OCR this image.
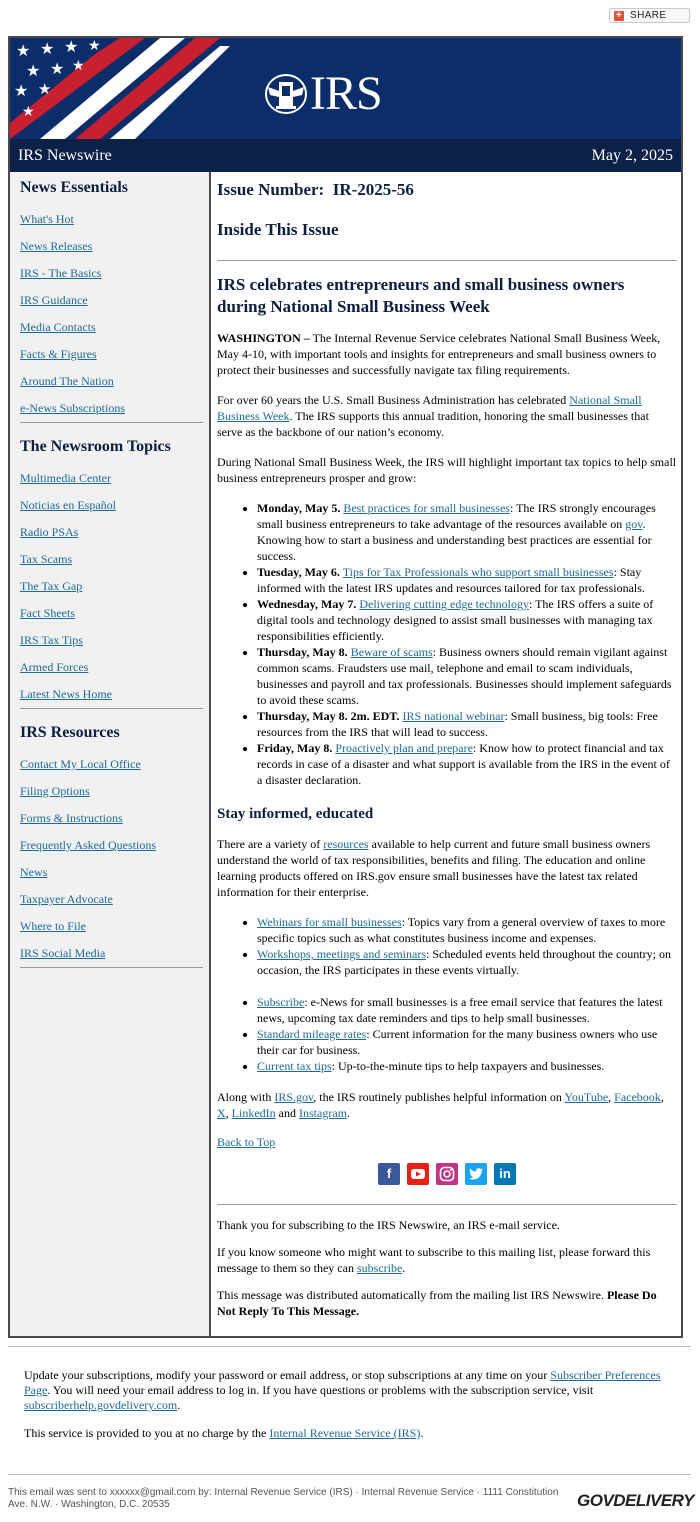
+ SHARE
★ ★ ★ ★
★ ★ ★
★ ★
★	IRS
IRS Newswire	May 2, 2025
News Essentials
What's Hot
News Releases
IRS - The Basics
IRS Guidance
Media Contacts
Facts & Figures
Around The Nation
e-News Subscriptions
The Newsroom Topics
Multimedia Center
Noticias en Español
Radio PSAs
Tax Scams
The Tax Gap
Fact Sheets
IRS Tax Tips
Armed Forces
Latest News Home
IRS Resources
Contact My Local Office
Filing Options
Forms & Instructions
Frequently Asked Questions
News
Taxpayer Advocate
Where to File
IRS Social Media
Issue Number: IR-2025-56
Inside This Issue
IRS celebrates entrepreneurs and small business owners during National Small Business Week

WASHINGTON – The Internal Revenue Service celebrates National Small Business Week, May 4-10, with important tools and insights for entrepreneurs and small business owners to protect their businesses and successfully navigate tax filing requirements.

For over 60 years the U.S. Small Business Administration has celebrated National Small Business Week. The IRS supports this annual tradition, honoring the small businesses that serve as the backbone of our nation’s economy.

During National Small Business Week, the IRS will highlight important tax topics to help small business entrepreneurs prosper and grow:

• Monday, May 5. Best practices for small businesses: The IRS strongly encourages small business entrepreneurs to take advantage of the resources available on gov. Knowing how to start a business and understanding best practices are essential for success.
• Tuesday, May 6. Tips for Tax Professionals who support small businesses: Stay informed with the latest IRS updates and resources tailored for tax professionals.
• Wednesday, May 7. Delivering cutting edge technology: The IRS offers a suite of digital tools and technology designed to assist small businesses with managing tax responsibilities efficiently.
• Thursday, May 8. Beware of scams: Business owners should remain vigilant against common scams. Fraudsters use mail, telephone and email to scam individuals, businesses and payroll and tax professionals. Businesses should implement safeguards to avoid these scams.
• Thursday, May 8. 2m. EDT. IRS national webinar: Small business, big tools: Free resources from the IRS that will lead to success.
• Friday, May 8. Proactively plan and prepare: Know how to protect financial and tax records in case of a disaster and what support is available from the IRS in the event of a disaster declaration.
Stay informed, educated

There are a variety of resources available to help current and future small business owners understand the world of tax responsibilities, benefits and filing. The education and online learning products offered on IRS.gov ensure small businesses have the latest tax related information for their enterprise.

• Webinars for small businesses: Topics vary from a general overview of taxes to more specific topics such as what constitutes business income and expenses.
• Workshops, meetings and seminars: Scheduled events held throughout the country; on occasion, the IRS participates in these events virtually.
• Subscribe: e-News for small businesses is a free email service that features the latest news, upcoming tax date reminders and tips to help small businesses.
• Standard mileage rates: Current information for the many business owners who use their car for business.
• Current tax tips: Up-to-the-minute tips to help taxpayers and businesses.

Along with IRS.gov, the IRS routinely publishes helpful information on YouTube, Facebook, X, LinkedIn and Instagram.

Back to Top

f	in

Thank you for subscribing to the IRS Newswire, an IRS e-mail service.

If you know someone who might want to subscribe to this mailing list, please forward this message to them so they can subscribe.

This message was distributed automatically from the mailing list IRS Newswire. Please Do Not Reply To This Message.

Update your subscriptions, modify your password or email address, or stop subscriptions at any time on your Subscriber Preferences Page. You will need your email address to log in. If you have questions or problems with the subscription service, visit subscriberhelp.govdelivery.com.

This service is provided to you at no charge by the Internal Revenue Service (IRS).

This email was sent to xxxxxx@gmail.com by: Internal Revenue Service (IRS) · Internal Revenue Service · 1111 Constitution Ave. N.W. · Washington, D.C. 20535	GOVDELIVERY
